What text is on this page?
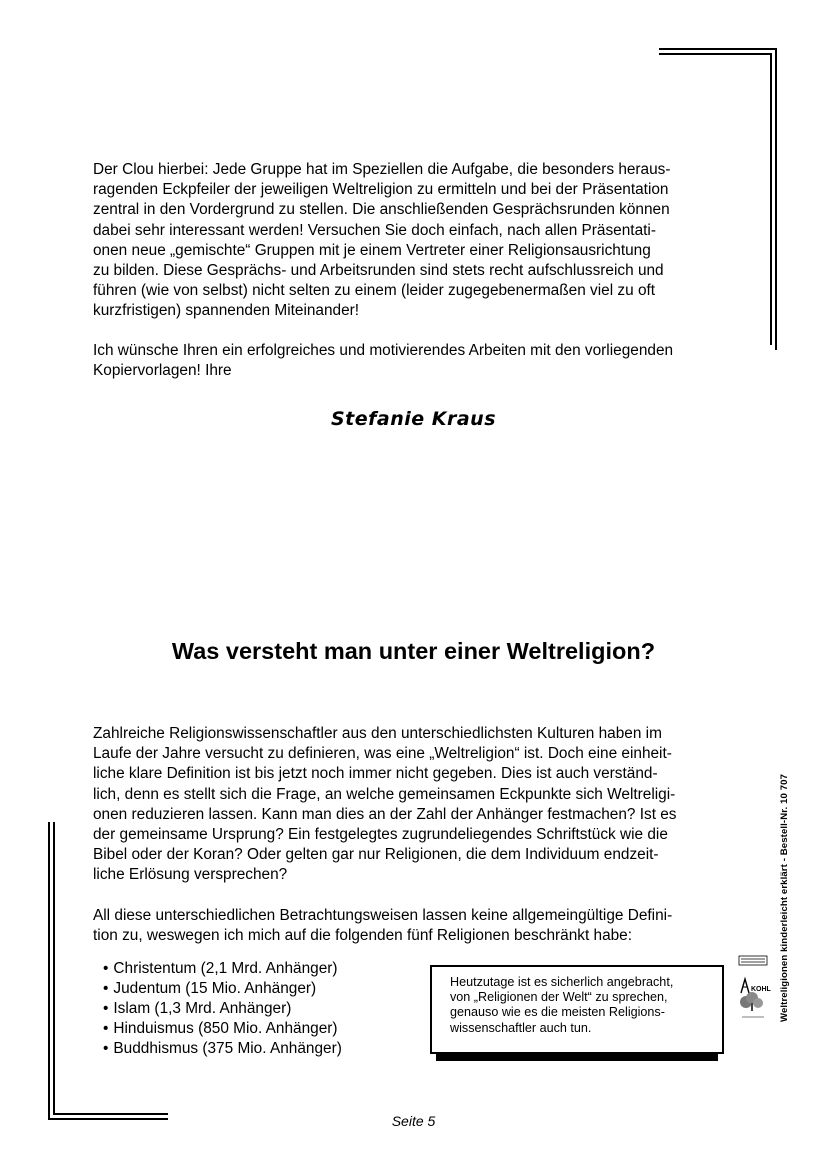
Der Clou hierbei: Jede Gruppe hat im Speziellen die Aufgabe, die besonders heraus-
ragenden Eckpfeiler der jeweiligen Weltreligion zu ermitteln und bei der Präsentation
zentral in den Vordergrund zu stellen. Die anschließenden Gesprächsrunden können
dabei sehr interessant werden! Versuchen Sie doch einfach, nach allen Präsentati-
onen neue „gemischte“ Gruppen mit je einem Vertreter einer Religionsausrichtung
zu bilden. Diese Gesprächs- und Arbeitsrunden sind stets recht aufschlussreich und
führen (wie von selbst) nicht selten zu einem (leider zugegebenermaßen viel zu oft
kurzfristigen) spannenden Miteinander!

Ich wünsche Ihren ein erfolgreiches und motivierendes Arbeiten mit den vorliegenden
Kopiervorlagen! Ihre

Stefanie Kraus
Was versteht man unter einer Weltreligion?

Zahlreiche Religionswissenschaftler aus den unterschiedlichsten Kulturen haben im
Laufe der Jahre versucht zu definieren, was eine „Weltreligion“ ist. Doch eine einheit-
liche klare Definition ist bis jetzt noch immer nicht gegeben. Dies ist auch verständ-
lich, denn es stellt sich die Frage, an welche gemeinsamen Eckpunkte sich Weltreligi-
onen reduzieren lassen. Kann man dies an der Zahl der Anhänger festmachen? Ist es
der gemeinsame Ursprung? Ein festgelegtes zugrundeliegendes Schriftstück wie die
Bibel oder der Koran? Oder gelten gar nur Religionen, die dem Individuum endzeit-
liche Erlösung versprechen?

All diese unterschiedlichen Betrachtungsweisen lassen keine allgemeingültige Defini-
tion zu, weswegen ich mich auf die folgenden fünf Religionen beschränkt habe:

• Christentum (2,1 Mrd. Anhänger)
• Judentum (15 Mio. Anhänger)
• Islam (1,3 Mrd. Anhänger)
• Hinduismus (850 Mio. Anhänger)
• Buddhismus (375 Mio. Anhänger)
Heutzutage ist es sicherlich angebracht,
von „Religionen der Welt“ zu sprechen,
genauso wie es die meisten Religions-
wissenschaftler auch tun.
Weltreligionen kinderleicht erklärt - Bestell-Nr. 10 707
KOHL
Seite 5
